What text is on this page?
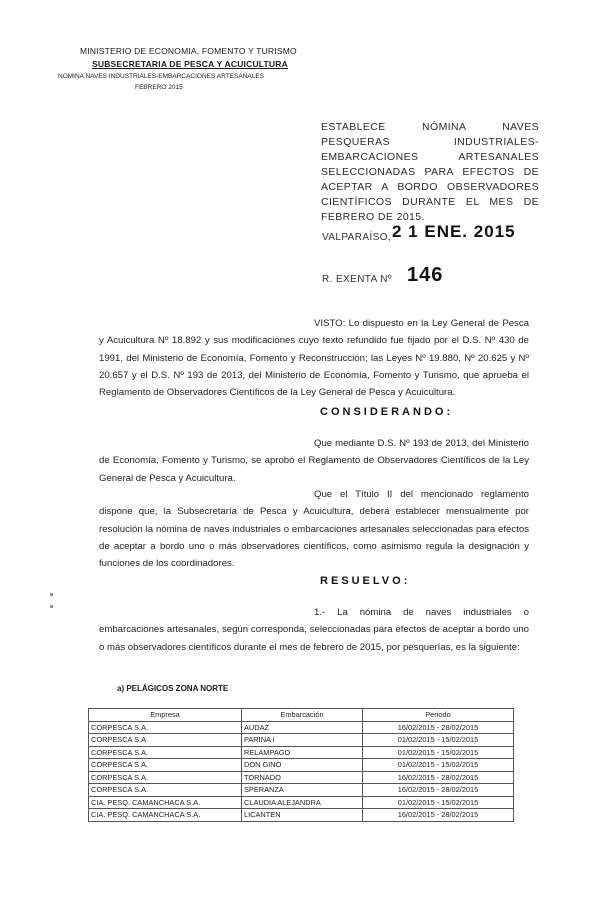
MINISTERIO DE ECONOMIA, FOMENTO Y TURISMO
SUBSECRETARIA DE PESCA Y ACUICULTURA
NOMINA NAVES INDUSTRIALES-EMBARCACIONES ARTESANALES
FEBRERO 2015
ESTABLECE NÓMINA NAVES PESQUERAS INDUSTRIALES-EMBARCACIONES ARTESANALES SELECCIONADAS PARA EFECTOS DE ACEPTAR A BORDO OBSERVADORES CIENTÍFICOS DURANTE EL MES DE FEBRERO DE 2015.
VALPARAÍSO, 2 1 ENE. 2015
R. EXENTA Nº 146
VISTO: Lo dispuesto en la Ley General de Pesca y Acuicultura Nº 18.892 y sus modificaciones cuyo texto refundido fue fijado por el D.S. Nº 430 de 1991, del Ministerio de Economía, Fomento y Reconstrucción; las Leyes Nº 19.880, Nº 20.625 y Nº 20.657 y el D.S. Nº 193 de 2013, del Ministerio de Economía, Fomento y Turismo, que aprueba el Reglamento de Observadores Científicos de la Ley General de Pesca y Acuicultura.
CONSIDERANDO:
Que mediante D.S. Nº 193 de 2013, del Ministerio de Economía, Fomento y Turismo, se aprobó el Reglamento de Observadores Científicos de la Ley General de Pesca y Acuicultura.
Que el Título II del mencionado reglamento dispone que, la Subsecretaría de Pesca y Acuicultura, deberá establecer mensualmente por resolución la nómina de naves industriales o embarcaciones artesanales seleccionadas para efectos de aceptar a bordo uno o más observadores científicos, como asimismo regula la designación y funciones de los coordinadores.
RESUELVO:
1.- La nómina de naves industriales o embarcaciones artesanales, según corresponda, seleccionadas para efectos de aceptar a bordo uno o más observadores científicos durante el mes de febrero de 2015, por pesquerías, es la siguiente:
a) PELÁGICOS ZONA NORTE
Empresa	Embarcación	Periodo
CORPESCA S.A.	AUDAZ	16/02/2015 - 28/02/2015
CORPESCA S.A.	PARINA I	01/02/2015 - 15/02/2015
CORPESCA S.A.	RELAMPAGO	01/02/2015 - 15/02/2015
CORPESCA S.A.	DON GINO	01/02/2015 - 15/02/2015
CORPESCA S.A.	TORNADO	16/02/2015 - 28/02/2015
CORPESCA S.A.	SPERANZA	16/02/2015 - 28/02/2015
CIA. PESQ. CAMANCHACA S.A.	CLAUDIA ALEJANDRA	01/02/2015 - 15/02/2015
CIA. PESQ. CAMANCHACA S.A.	LICANTEN	16/02/2015 - 28/02/2015
